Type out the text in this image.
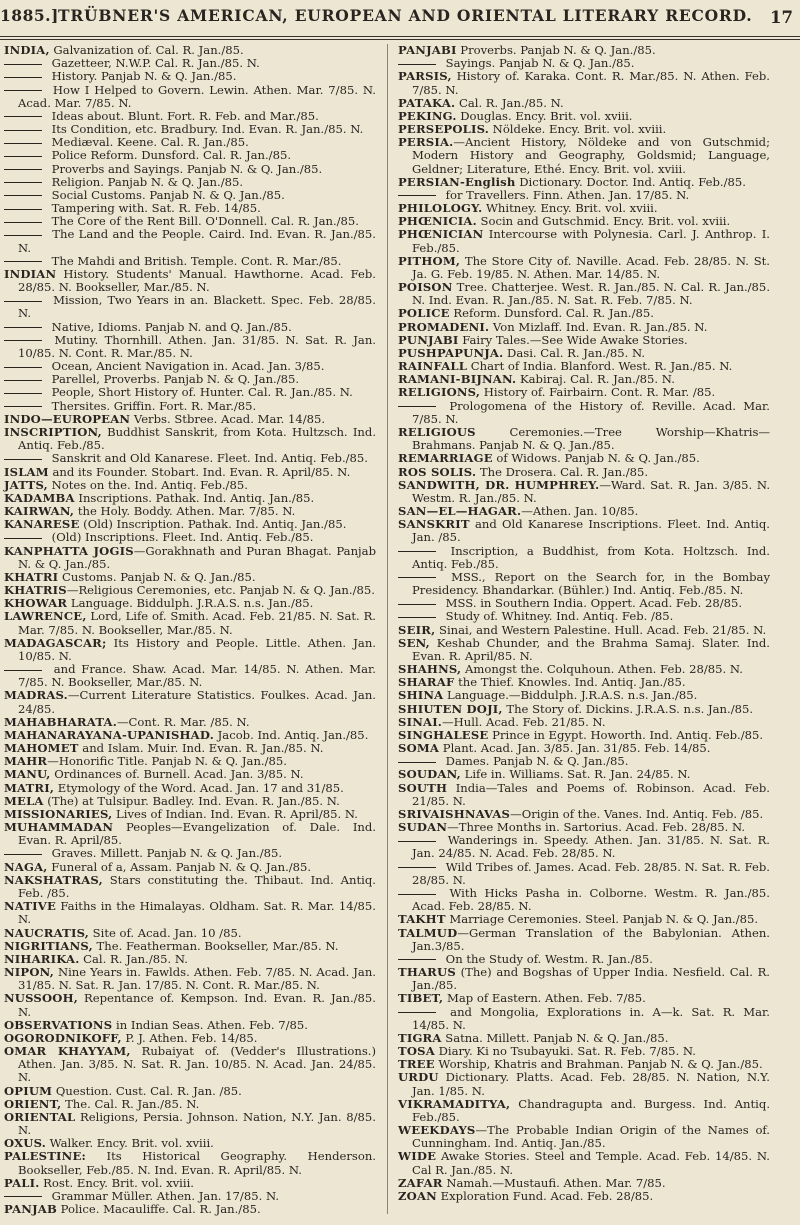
1885.] TRÜBNER'S AMERICAN, EUROPEAN AND ORIENTAL LITERARY RECORD. 17

INDIA, Galvanization of. Cal. R. Jan./85.

Gazetteer, N.W.P. Cal. R. Jan./85. N.

History. Panjab N. & Q. Jan./85.

How I Helped to Govern. Lewin. Athen. Mar. 7/85. N. Acad. Mar. 7/85. N.

Ideas about. Blunt. Fort. R. Feb. and Mar./85.

Its Condition, etc. Bradbury. Ind. Evan. R. Jan./85. N.

Mediæval. Keene. Cal. R. Jan./85.

Police Reform. Dunsford. Cal. R. Jan./85.

Proverbs and Sayings. Panjab N. & Q. Jan./85.

Religion. Panjab N. & Q. Jan./85.

Social Customs. Panjab N. & Q. Jan./85.

Tampering with. Sat. R. Feb. 14/85.

The Core of the Rent Bill. O'Donnell. Cal. R. Jan./85.

The Land and the People. Caird. Ind. Evan. R. Jan./85. N.

The Mahdi and British. Temple. Cont. R. Mar./85.

INDIAN History. Students' Manual. Hawthorne. Acad. Feb. 28/85. N. Bookseller, Mar./85. N.

Mission, Two Years in an. Blackett. Spec. Feb. 28/85. N.

Native, Idioms. Panjab N. and Q. Jan./85.

Mutiny. Thornhill. Athen. Jan. 31/85. N. Sat. R. Jan. 10/85. N. Cont. R. Mar./85. N.

Ocean, Ancient Navigation in. Acad. Jan. 3/85.

Parellel, Proverbs. Panjab N. & Q. Jan./85.

People, Short History of. Hunter. Cal. R. Jan./85. N.

Thersites. Griffin. Fort. R. Mar./85.

INDO—EUROPEAN Verbs. Stbree. Acad. Mar. 14/85.

INSCRIPTION, Buddhist Sanskrit, from Kota. Hultzsch. Ind. Antiq. Feb./85.

Sanskrit and Old Kanarese. Fleet. Ind. Antiq. Feb./85.

ISLAM and its Founder. Stobart. Ind. Evan. R. April/85. N.

JATTS, Notes on the. Ind. Antiq. Feb./85.

KADAMBA Inscriptions. Pathak. Ind. Antiq. Jan./85.

KAIRWAN, the Holy. Boddy. Athen. Mar. 7/85. N.

KANARESE (Old) Inscription. Pathak. Ind. Antiq. Jan./85.

(Old) Inscriptions. Fleet. Ind. Antiq. Feb./85.

KANPHATTA JOGIS—Gorakhnath and Puran Bhagat. Panjab N. & Q. Jan./85.

KHATRI Customs. Panjab N. & Q. Jan./85.

KHATRIS—Religious Ceremonies, etc. Panjab N. & Q. Jan./85.

KHOWAR Language. Biddulph. J.R.A.S. n.s. Jan./85.

LAWRENCE, Lord, Life of. Smith. Acad. Feb. 21/85. N. Sat. R. Mar. 7/85. N. Bookseller, Mar./85. N.

MADAGASCAR; Its History and People. Little. Athen. Jan. 10/85. N.

and France. Shaw. Acad. Mar. 14/85. N. Athen. Mar. 7/85. N. Bookseller, Mar./85. N.

MADRAS.—Current Literature Statistics. Foulkes. Acad. Jan. 24/85.

MAHABHARATA.—Cont. R. Mar. /85. N.

MAHANARAYANA-UPANISHAD. Jacob. Ind. Antiq. Jan./85.

MAHOMET and Islam. Muir. Ind. Evan. R. Jan./85. N.

MAHR—Honorific Title. Panjab N. & Q. Jan./85.

MANU, Ordinances of. Burnell. Acad. Jan. 3/85. N.

MATRI, Etymology of the Word. Acad. Jan. 17 and 31/85.

MELA (The) at Tulsipur. Badley. Ind. Evan. R. Jan./85. N.

MISSIONARIES, Lives of Indian. Ind. Evan. R. April/85. N.

MUHAMMADAN Peoples—Evangelization of. Dale. Ind. Evan. R. April/85.

Graves. Millett. Panjab N. & Q. Jan./85.

NAGA, Funeral of a, Assam. Panjab N. & Q. Jan./85.

NAKSHATRAS, Stars constituting the. Thibaut. Ind. Antiq. Feb. /85.

NATIVE Faiths in the Himalayas. Oldham. Sat. R. Mar. 14/85. N.

NAUCRATIS, Site of. Acad. Jan. 10 /85.

NIGRITIANS, The. Featherman. Bookseller, Mar./85. N.

NIHARIKA. Cal. R. Jan./85. N.

NIPON, Nine Years in. Fawlds. Athen. Feb. 7/85. N. Acad. Jan. 31/85. N. Sat. R. Jan. 17/85. N. Cont. R. Mar./85. N.

NUSSOOH, Repentance of. Kempson. Ind. Evan. R. Jan./85. N.

OBSERVATIONS in Indian Seas. Athen. Feb. 7/85.

OGORODNIKOFF, P. J. Athen. Feb. 14/85.

OMAR KHAYYAM, Rubaiyat of. (Vedder's Illustrations.) Athen. Jan. 3/85. N. Sat. R. Jan. 10/85. N. Acad. Jan. 24/85. N.

OPIUM Question. Cust. Cal. R. Jan. /85.

ORIENT, The. Cal. R. Jan./85. N.

ORIENTAL Religions, Persia. Johnson. Nation, N.Y. Jan. 8/85. N.

OXUS. Walker. Ency. Brit. vol. xviii.

PALESTINE: Its Historical Geography. Henderson. Bookseller, Feb./85. N. Ind. Evan. R. April/85. N.

PALI. Rost. Ency. Brit. vol. xviii.

Grammar Müller. Athen. Jan. 17/85. N.

PANJAB Police. Macauliffe. Cal. R. Jan./85.

PANJABI Proverbs. Panjab N. & Q. Jan./85.

Sayings. Panjab N. & Q. Jan./85.

PARSIS, History of. Karaka. Cont. R. Mar./85. N. Athen. Feb. 7/85. N.

PATAKA. Cal. R. Jan./85. N.

PEKING. Douglas. Ency. Brit. vol. xviii.

PERSEPOLIS. Nöldeke. Ency. Brit. vol. xviii.

PERSIA.—Ancient History, Nöldeke and von Gutschmid; Modern History and Geography, Goldsmid; Language, Geldner; Literature, Ethé. Ency. Brit. vol. xviii.

PERSIAN-English Dictionary. Doctor. Ind. Antiq. Feb./85.

for Travellers. Finn. Athen. Jan. 17/85. N.

PHILOLOGY. Whitney. Ency. Brit. vol. xviii.

PHŒNICIA. Socin and Gutschmid. Ency. Brit. vol. xviii.

PHŒNICIAN Intercourse with Polynesia. Carl. J. Anthrop. I. Feb./85.

PITHOM, The Store City of. Naville. Acad. Feb. 28/85. N. St. Ja. G. Feb. 19/85. N. Athen. Mar. 14/85. N.

POISON Tree. Chatterjee. West. R. Jan./85. N. Cal. R. Jan./85. N. Ind. Evan. R. Jan./85. N. Sat. R. Feb. 7/85. N.

POLICE Reform. Dunsford. Cal. R. Jan./85.

PROMADENI. Von Mizlaff. Ind. Evan. R. Jan./85. N.

PUNJABI Fairy Tales.—See Wide Awake Stories.

PUSHPAPUNJA. Dasi. Cal. R. Jan./85. N.

RAINFALL Chart of India. Blanford. West. R. Jan./85. N.

RAMANI-BIJNAN. Kabiraj. Cal. R. Jan./85. N.

RELIGIONS, History of. Fairbairn. Cont. R. Mar. /85.

Prologomena of the History of. Reville. Acad. Mar. 7/85. N.

RELIGIOUS Ceremonies.—Tree Worship—Khatris—Brahmans. Panjab N. & Q. Jan./85.

REMARRIAGE of Widows. Panjab N. & Q. Jan./85.

ROS SOLIS. The Drosera. Cal. R. Jan./85.

SANDWITH, DR. HUMPHREY.—Ward. Sat. R. Jan. 3/85. N. Westm. R. Jan./85. N.

SAN—EL—HAGAR.—Athen. Jan. 10/85.

SANSKRIT and Old Kanarese Inscriptions. Fleet. Ind. Antiq. Jan. /85.

Inscription, a Buddhist, from Kota. Holtzsch. Ind. Antiq. Feb./85.

MSS., Report on the Search for, in the Bombay Presidency. Bhandarkar. (Bühler.) Ind. Antiq. Feb./85. N.

MSS. in Southern India. Oppert. Acad. Feb. 28/85.

Study of. Whitney. Ind. Antiq. Feb. /85.

SEIR, Sinai, and Western Palestine. Hull. Acad. Feb. 21/85. N.

SEN, Keshab Chunder, and the Brahma Samaj. Slater. Ind. Evan. R. April/85. N.

SHAHNS, Amongst the. Colquhoun. Athen. Feb. 28/85. N.

SHARAF the Thief. Knowles. Ind. Antiq. Jan./85.

SHINA Language.—Biddulph. J.R.A.S. n.s. Jan./85.

SHIUTEN DOJI, The Story of. Dickins. J.R.A.S. n.s. Jan./85.

SINAI.—Hull. Acad. Feb. 21/85. N.

SINGHALESE Prince in Egypt. Howorth. Ind. Antiq. Feb./85.

SOMA Plant. Acad. Jan. 3/85. Jan. 31/85. Feb. 14/85.

Dames. Panjab N. & Q. Jan./85.

SOUDAN, Life in. Williams. Sat. R. Jan. 24/85. N.

SOUTH India—Tales and Poems of. Robinson. Acad. Feb. 21/85. N.

SRIVAISHNAVAS—Origin of the. Vanes. Ind. Antiq. Feb. /85.

SUDAN—Three Months in. Sartorius. Acad. Feb. 28/85. N.

Wanderings in. Speedy. Athen. Jan. 31/85. N. Sat. R. Jan. 24/85. N. Acad. Feb. 28/85. N.

Wild Tribes of. James. Acad. Feb. 28/85. N. Sat. R. Feb. 28/85. N.

With Hicks Pasha in. Colborne. Westm. R. Jan./85. Acad. Feb. 28/85. N.

TAKHT Marriage Ceremonies. Steel. Panjab N. & Q. Jan./85.

TALMUD—German Translation of the Babylonian. Athen. Jan.3/85.

On the Study of. Westm. R. Jan./85.

THARUS (The) and Bogshas of Upper India. Nesfield. Cal. R. Jan./85.

TIBET, Map of Eastern. Athen. Feb. 7/85.

and Mongolia, Explorations in. A—k. Sat. R. Mar. 14/85. N.

TIGRA Satna. Millett. Panjab N. & Q. Jan./85.

TOSA Diary. Ki no Tsubayuki. Sat. R. Feb. 7/85. N.

TREE Worship, Khatris and Brahman. Panjab N. & Q. Jan./85.

URDU Dictionary. Platts. Acad. Feb. 28/85. N. Nation, N.Y. Jan. 1/85. N.

VIKRAMADITYA, Chandragupta and. Burgess. Ind. Antiq. Feb./85.

WEEKDAYS—The Probable Indian Origin of the Names of. Cunningham. Ind. Antiq. Jan./85.

WIDE Awake Stories. Steel and Temple. Acad. Feb. 14/85. N. Cal R. Jan./85. N.

ZAFAR Namah.—Mustaufi. Athen. Mar. 7/85.

ZOAN Exploration Fund. Acad. Feb. 28/85.
